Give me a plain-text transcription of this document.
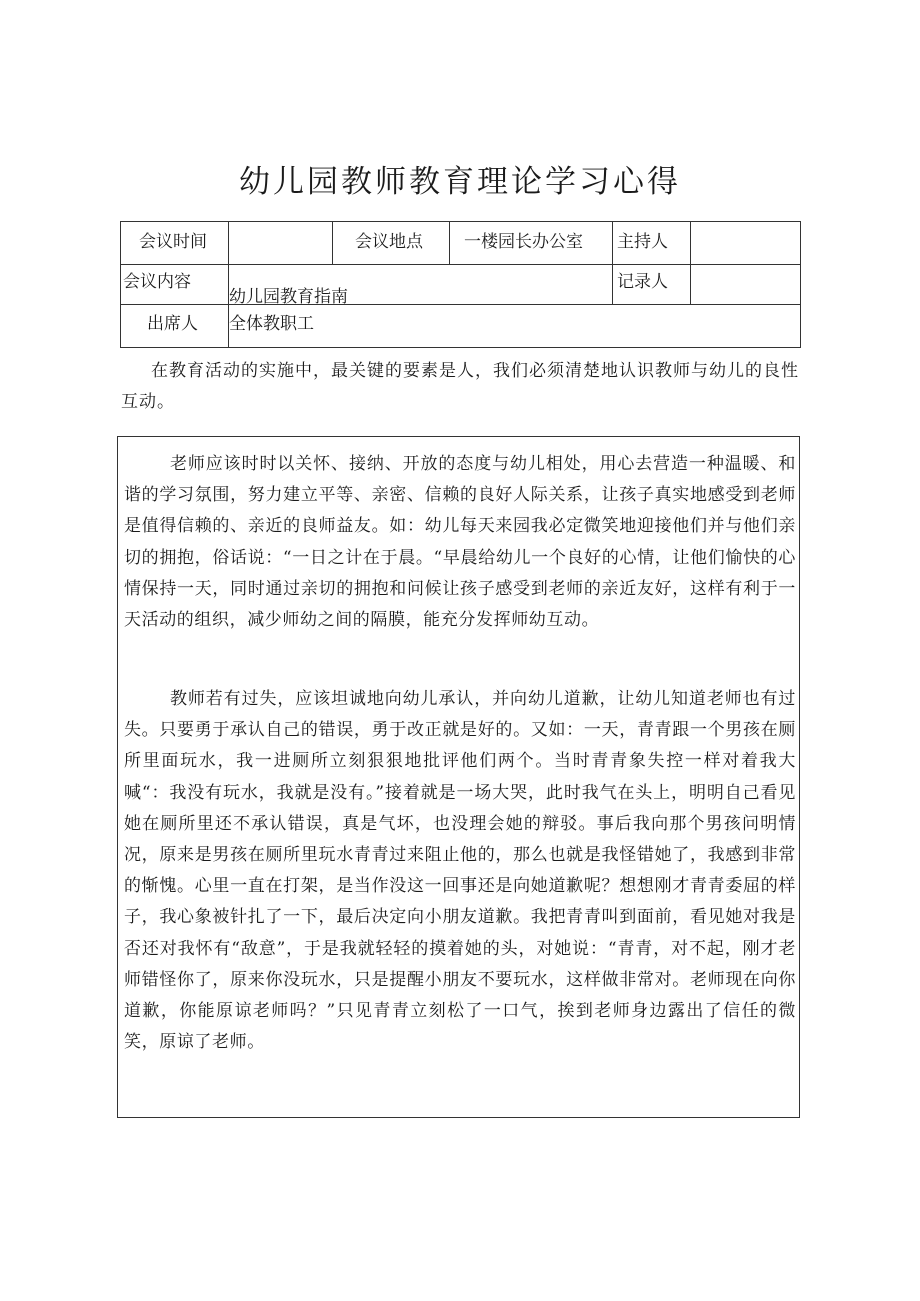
幼儿园教师教育理论学习心得
会议时间		会议地点	一楼园长办公室	主持人	

会议内容	幼儿园教育指南			记录人	

出席人	全体教职工				

在教育活动的实施中，最关键的要素是人，我们必须清楚地认识教师与幼儿的良性互动。

老师应该时时以关怀、接纳、开放的态度与幼儿相处，用心去营造一种温暖、和谐的学习氛围，努力建立平等、亲密、信赖的良好人际关系，让孩子真实地感受到老师是值得信赖的、亲近的良师益友。如：幼儿每天来园我必定微笑地迎接他们并与他们亲切的拥抱，俗话说：“一日之计在于晨。“早晨给幼儿一个良好的心情，让他们愉快的心情保持一天，同时通过亲切的拥抱和问候让孩子感受到老师的亲近友好，这样有利于一天活动的组织，减少师幼之间的隔膜，能充分发挥师幼互动。

教师若有过失，应该坦诚地向幼儿承认，并向幼儿道歉，让幼儿知道老师也有过失。只要勇于承认自己的错误，勇于改正就是好的。又如：一天，青青跟一个男孩在厕所里面玩水，我一进厕所立刻狠狠地批评他们两个。当时青青象失控一样对着我大喊“：我没有玩水，我就是没有。”接着就是一场大哭，此时我气在头上，明明自己看见她在厕所里还不承认错误，真是气坏，也没理会她的辩驳。事后我向那个男孩问明情况，原来是男孩在厕所里玩水青青过来阻止他的，那么也就是我怪错她了，我感到非常的惭愧。心里一直在打架，是当作没这一回事还是向她道歉呢？想想刚才青青委屈的样子，我心象被针扎了一下，最后决定向小朋友道歉。我把青青叫到面前，看见她对我是否还对我怀有“敌意”，于是我就轻轻的摸着她的头，对她说：“青青，对不起，刚才老师错怪你了，原来你没玩水，只是提醒小朋友不要玩水，这样做非常对。老师现在向你道歉，你能原谅老师吗？”只见青青立刻松了一口气，挨到老师身边露出了信任的微笑，原谅了老师。
